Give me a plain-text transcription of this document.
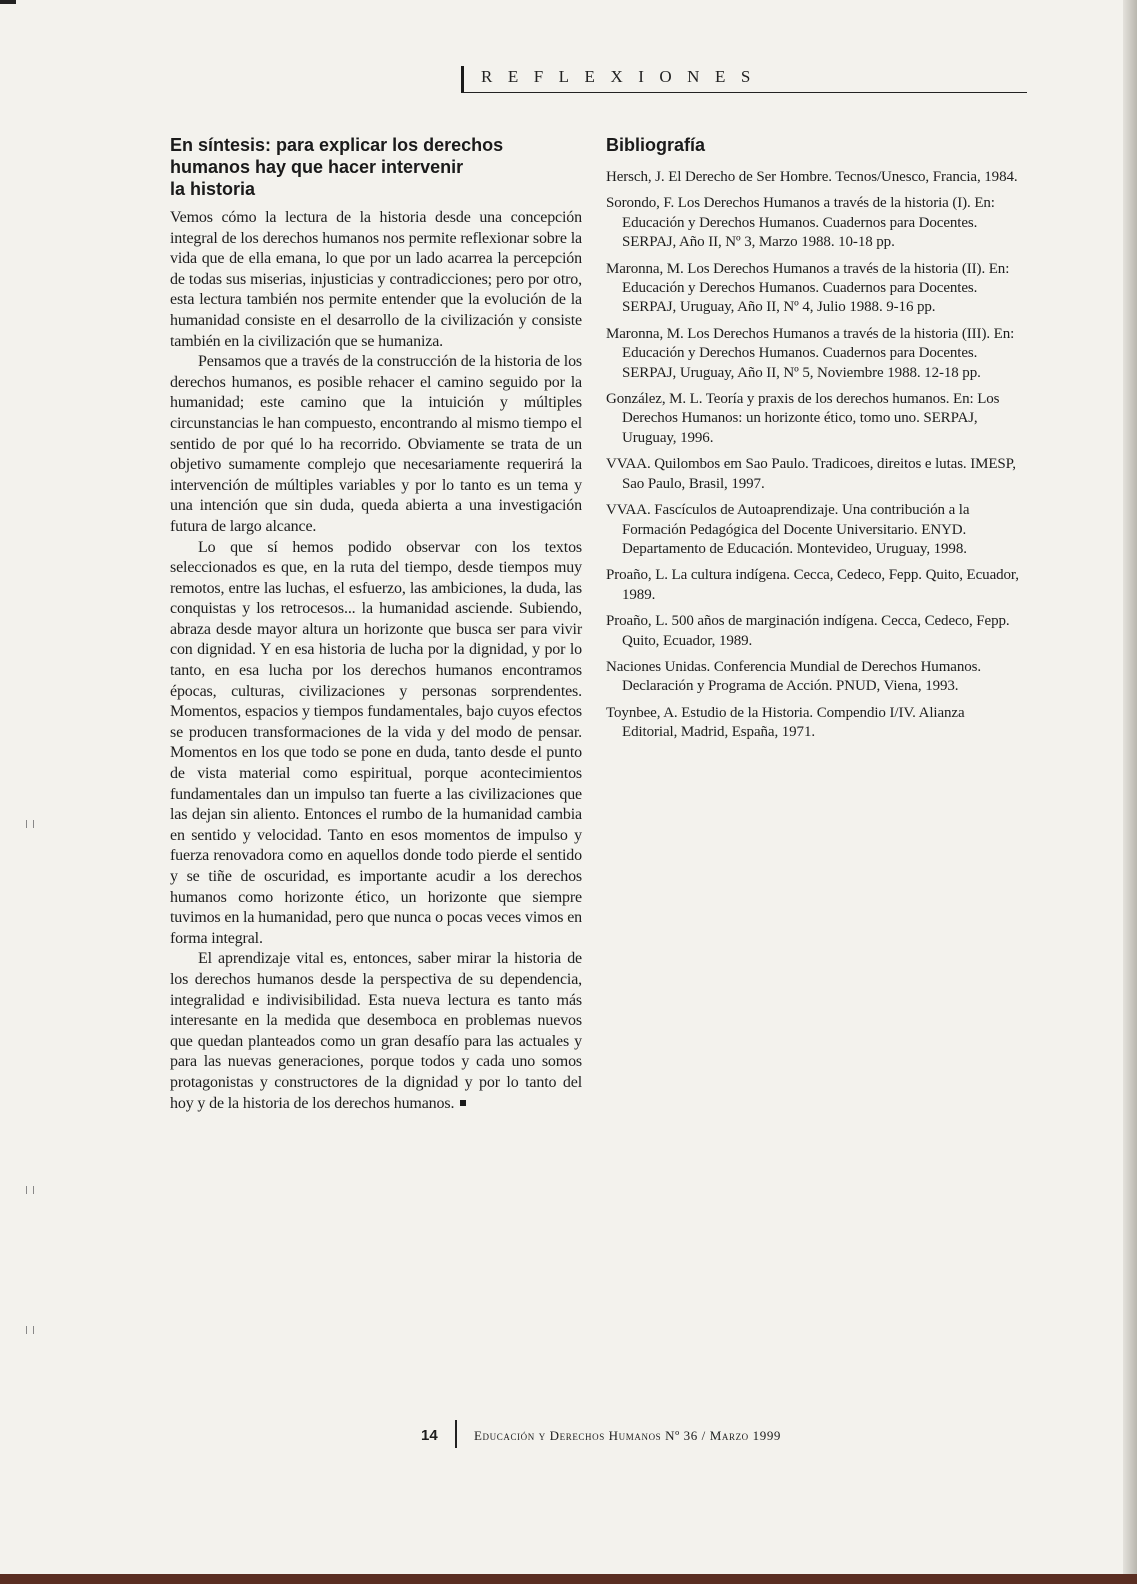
REFLEXIONES
En síntesis: para explicar los derechos
humanos hay que hacer intervenir
la historia

Vemos cómo la lectura de la historia desde una concepción integral de los derechos humanos nos permite reflexionar sobre la vida que de ella emana, lo que por un lado acarrea la percepción de todas sus miserias, injusticias y contradicciones; pero por otro, esta lectura también nos permite entender que la evolución de la humanidad consiste en el desarrollo de la civilización y consiste también en la civilización que se humaniza.

Pensamos que a través de la construcción de la historia de los derechos humanos, es posible rehacer el camino seguido por la humanidad; este camino que la intuición y múltiples circunstancias le han compuesto, encontrando al mismo tiempo el sentido de por qué lo ha recorrido. Obviamente se trata de un objetivo sumamente complejo que necesariamente requerirá la intervención de múltiples variables y por lo tanto es un tema y una intención que sin duda, queda abierta a una investigación futura de largo alcance.

Lo que sí hemos podido observar con los textos seleccionados es que, en la ruta del tiempo, desde tiempos muy remotos, entre las luchas, el esfuerzo, las ambiciones, la duda, las conquistas y los retrocesos... la humanidad asciende. Subiendo, abraza desde mayor altura un horizonte que busca ser para vivir con dignidad. Y en esa historia de lucha por la dignidad, y por lo tanto, en esa lucha por los derechos humanos encontramos épocas, culturas, civilizaciones y personas sorprendentes. Momentos, espacios y tiempos fundamentales, bajo cuyos efectos se producen transformaciones de la vida y del modo de pensar. Momentos en los que todo se pone en duda, tanto desde el punto de vista material como espiritual, porque acontecimientos fundamentales dan un impulso tan fuerte a las civilizaciones que las dejan sin aliento. Entonces el rumbo de la humanidad cambia en sentido y velocidad. Tanto en esos momentos de impulso y fuerza renovadora como en aquellos donde todo pierde el sentido y se tiñe de oscuridad, es importante acudir a los derechos humanos como horizonte ético, un horizonte que siempre tuvimos en la humanidad, pero que nunca o pocas veces vimos en forma integral.

El aprendizaje vital es, entonces, saber mirar la historia de los derechos humanos desde la perspectiva de su dependencia, integralidad e indivisibilidad. Esta nueva lectura es tanto más interesante en la medida que desemboca en problemas nuevos que quedan planteados como un gran desafío para las actuales y para las nuevas generaciones, porque todos y cada uno somos protagonistas y constructores de la dignidad y por lo tanto del hoy y de la historia de los derechos humanos.

Bibliografía
Hersch, J. El Derecho de Ser Hombre. Tecnos/Unesco, Francia, 1984.
Sorondo, F. Los Derechos Humanos a través de la historia (I). En: Educación y Derechos Humanos. Cuadernos para Docentes. SERPAJ, Año II, Nº 3, Marzo 1988. 10-18 pp.
Maronna, M. Los Derechos Humanos a través de la historia (II). En: Educación y Derechos Humanos. Cuadernos para Docentes. SERPAJ, Uruguay, Año II, Nº 4, Julio 1988. 9-16 pp.
Maronna, M. Los Derechos Humanos a través de la historia (III). En: Educación y Derechos Humanos. Cuadernos para Docentes. SERPAJ, Uruguay, Año II, Nº 5, Noviembre 1988. 12-18 pp.
González, M. L. Teoría y praxis de los derechos humanos. En: Los Derechos Humanos: un horizonte ético, tomo uno. SERPAJ, Uruguay, 1996.
VVAA. Quilombos em Sao Paulo. Tradicoes, direitos e lutas. IMESP, Sao Paulo, Brasil, 1997.
VVAA. Fascículos de Autoaprendizaje. Una contribución a la Formación Pedagógica del Docente Universitario. ENYD. Departamento de Educación. Montevideo, Uruguay, 1998.
Proaño, L. La cultura indígena. Cecca, Cedeco, Fepp. Quito, Ecuador, 1989.
Proaño, L. 500 años de marginación indígena. Cecca, Cedeco, Fepp. Quito, Ecuador, 1989.
Naciones Unidas. Conferencia Mundial de Derechos Humanos. Declaración y Programa de Acción. PNUD, Viena, 1993.
Toynbee, A. Estudio de la Historia. Compendio I/IV. Alianza Editorial, Madrid, España, 1971.
14	Educación y Derechos Humanos Nº 36 / Marzo 1999
